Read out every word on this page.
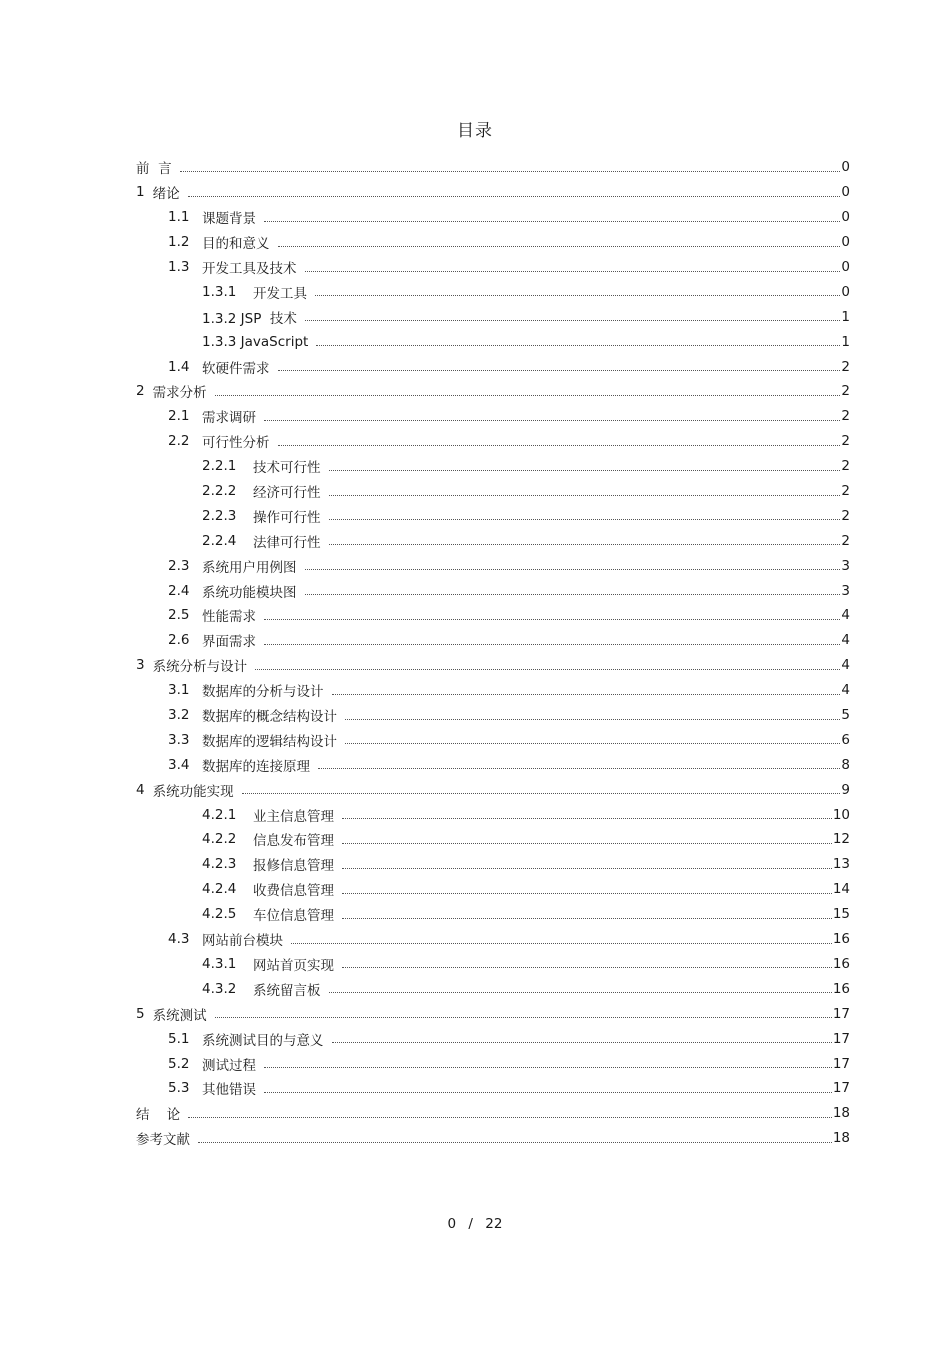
目录
前  言	0
1 绪论	0
1.1 课题背景	0
1.2 目的和意义	0
1.3 开发工具及技术	0
1.3.1 开发工具	0
1.3.2 JSP  技术	1
1.3.3 JavaScript	1
1.4 软硬件需求	2
2 需求分析	2
2.1 需求调研	2
2.2 可行性分析	2
2.2.1 技术可行性	2
2.2.2 经济可行性	2
2.2.3 操作可行性	2
2.2.4 法律可行性	2
2.3 系统用户用例图	3
2.4 系统功能模块图	3
2.5 性能需求	4
2.6 界面需求	4
3 系统分析与设计	4
3.1 数据库的分析与设计	4
3.2 数据库的概念结构设计	5
3.3 数据库的逻辑结构设计	6
3.4 数据库的连接原理	8
4 系统功能实现	9
4.2.1 业主信息管理	10
4.2.2 信息发布管理	12
4.2.3 报修信息管理	13
4.2.4 收费信息管理	14
4.2.5 车位信息管理	15
4.3 网站前台模块	16
4.3.1 网站首页实现	16
4.3.2 系统留言板	16
5 系统测试	17
5.1 系统测试目的与意义	17
5.2 测试过程	17
5.3 其他错误	17
结    论	18
参考文献	18
0 / 22
